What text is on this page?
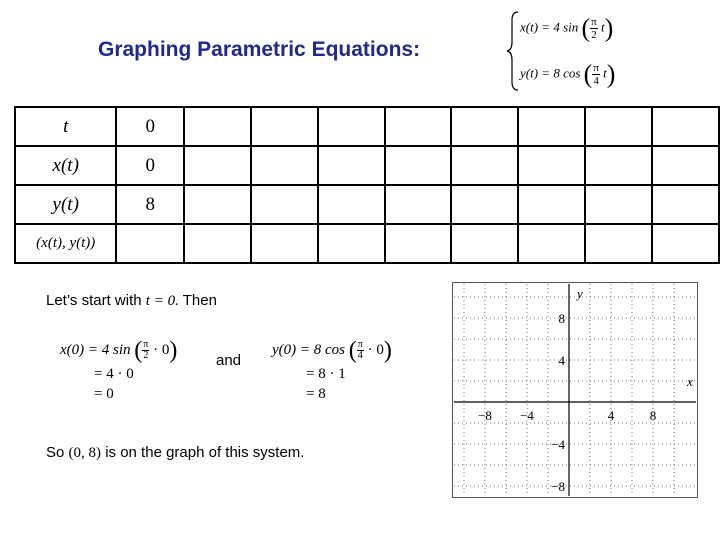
Graphing Parametric Equations:
x(t) = 4 sin ( $\frac{\pi}{2} t$)
y(t) = 8 cos ( $\frac{\pi}{4} t$)
t	0								
x(t)	0								
y(t)	8								
(x(t), y(t))									
Let’s start with t = 0. Then
x(0) = 4 sin ( $\frac{\pi}{2} \cdot 0$)
= 4 · 0
= 0
and
y(0) = 8 cos ( $\frac{\pi}{4} \cdot 0$)
= 8 · 1
= 8
So (0, 8) is on the graph of this system.
x
y
−8 −4	4	8
8
4
−4
−8
